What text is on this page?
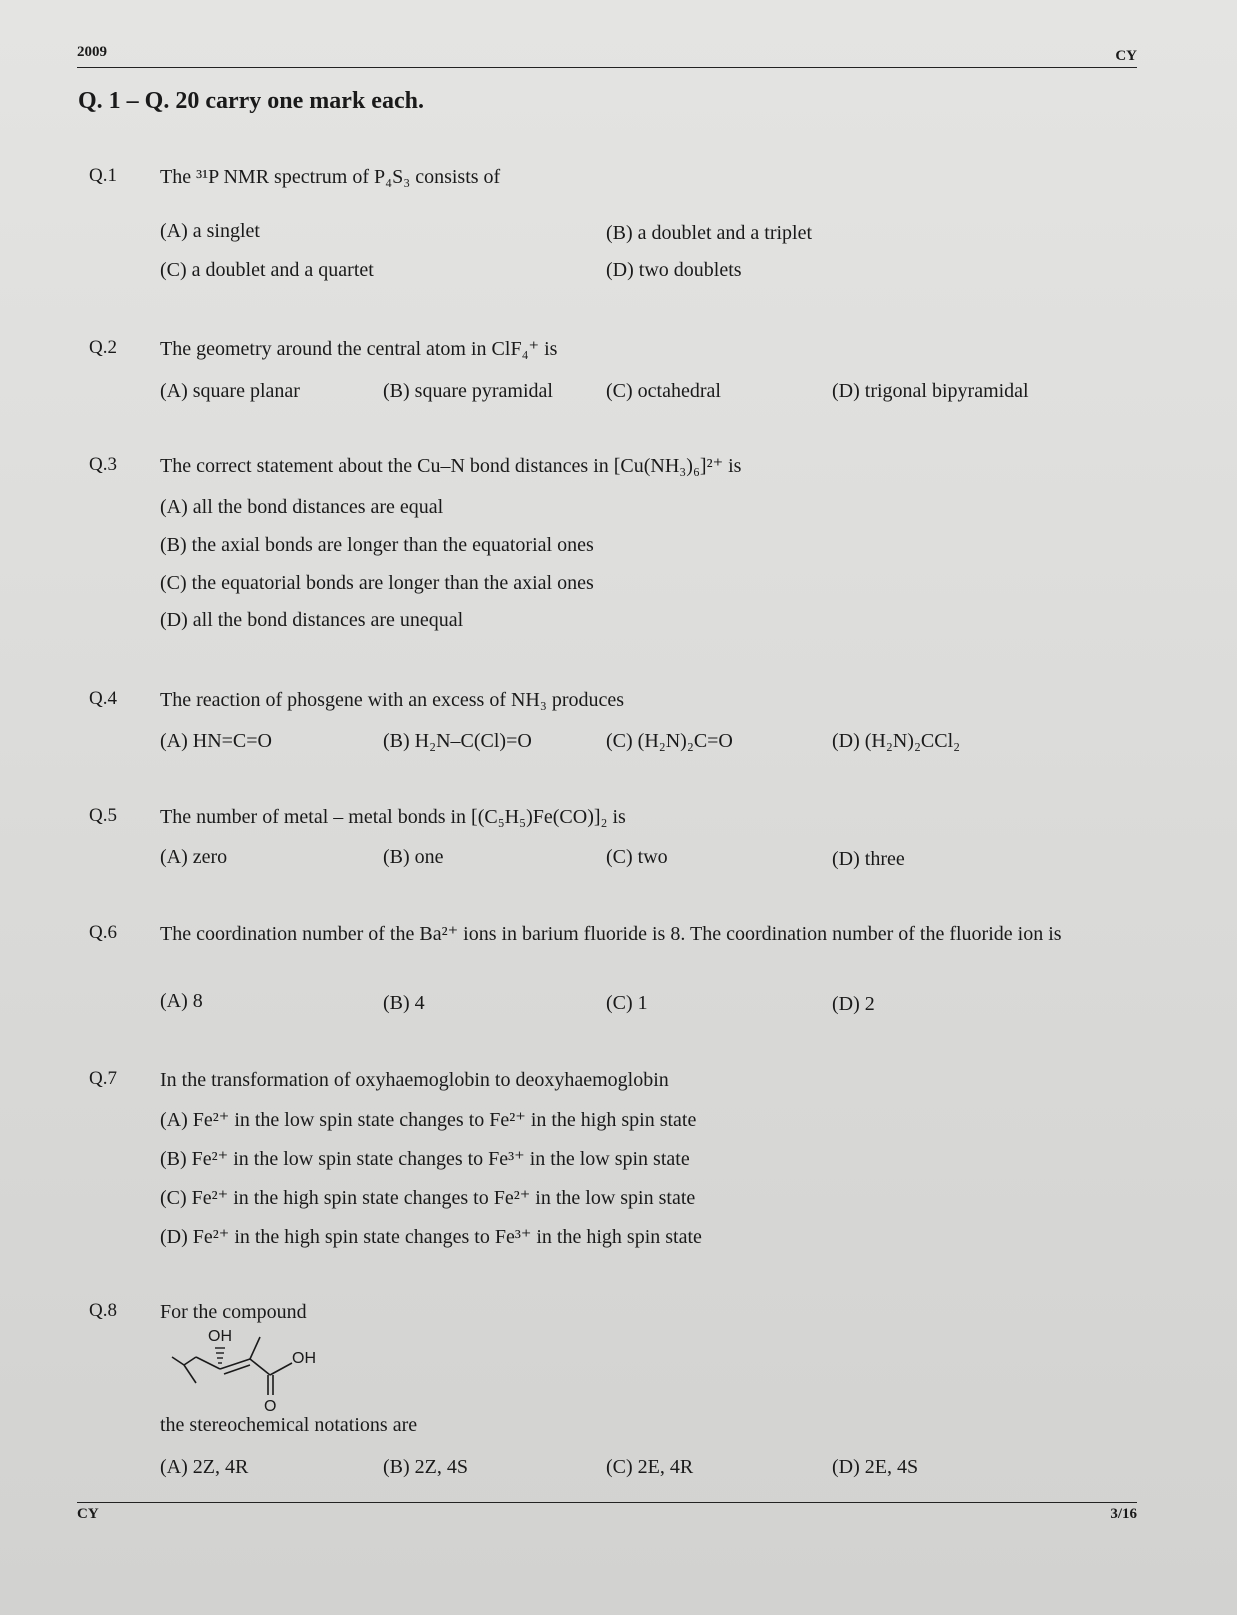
2009	CY
Q. 1 – Q. 20 carry one mark each.
Q.1 The ³¹P NMR spectrum of P₄S₃ consists of
(A) a singlet	(B) a doublet and a triplet
(C) a doublet and a quartet	(D) two doublets
Q.2 The geometry around the central atom in ClF₄⁺ is
(A) square planar	(B) square pyramidal	(C) octahedral	(D) trigonal bipyramidal
Q.3 The correct statement about the Cu–N bond distances in [Cu(NH₃)₆]²⁺ is
(A) all the bond distances are equal
(B) the axial bonds are longer than the equatorial ones
(C) the equatorial bonds are longer than the axial ones
(D) all the bond distances are unequal
Q.4 The reaction of phosgene with an excess of NH₃ produces
(A) HN=C=O	(B) H₂N–C(Cl)=O	(C) (H₂N)₂C=O	(D) (H₂N)₂CCl₂
Q.5 The number of metal – metal bonds in [(C₅H₅)Fe(CO)]₂ is
(A) zero	(B) one	(C) two	(D) three
Q.6 The coordination number of the Ba²⁺ ions in barium fluoride is 8. The coordination number of the fluoride ion is
(A) 8	(B) 4	(C) 1	(D) 2
Q.7 In the transformation of oxyhaemoglobin to deoxyhaemoglobin
(A) Fe²⁺ in the low spin state changes to Fe²⁺ in the high spin state
(B) Fe²⁺ in the low spin state changes to Fe³⁺ in the low spin state
(C) Fe²⁺ in the high spin state changes to Fe²⁺ in the low spin state
(D) Fe²⁺ in the high spin state changes to Fe³⁺ in the high spin state
Q.8 For the compound
OH
O
OH
the stereochemical notations are
(A) 2Z, 4R	(B) 2Z, 4S	(C) 2E, 4R	(D) 2E, 4S
CY	3/16
